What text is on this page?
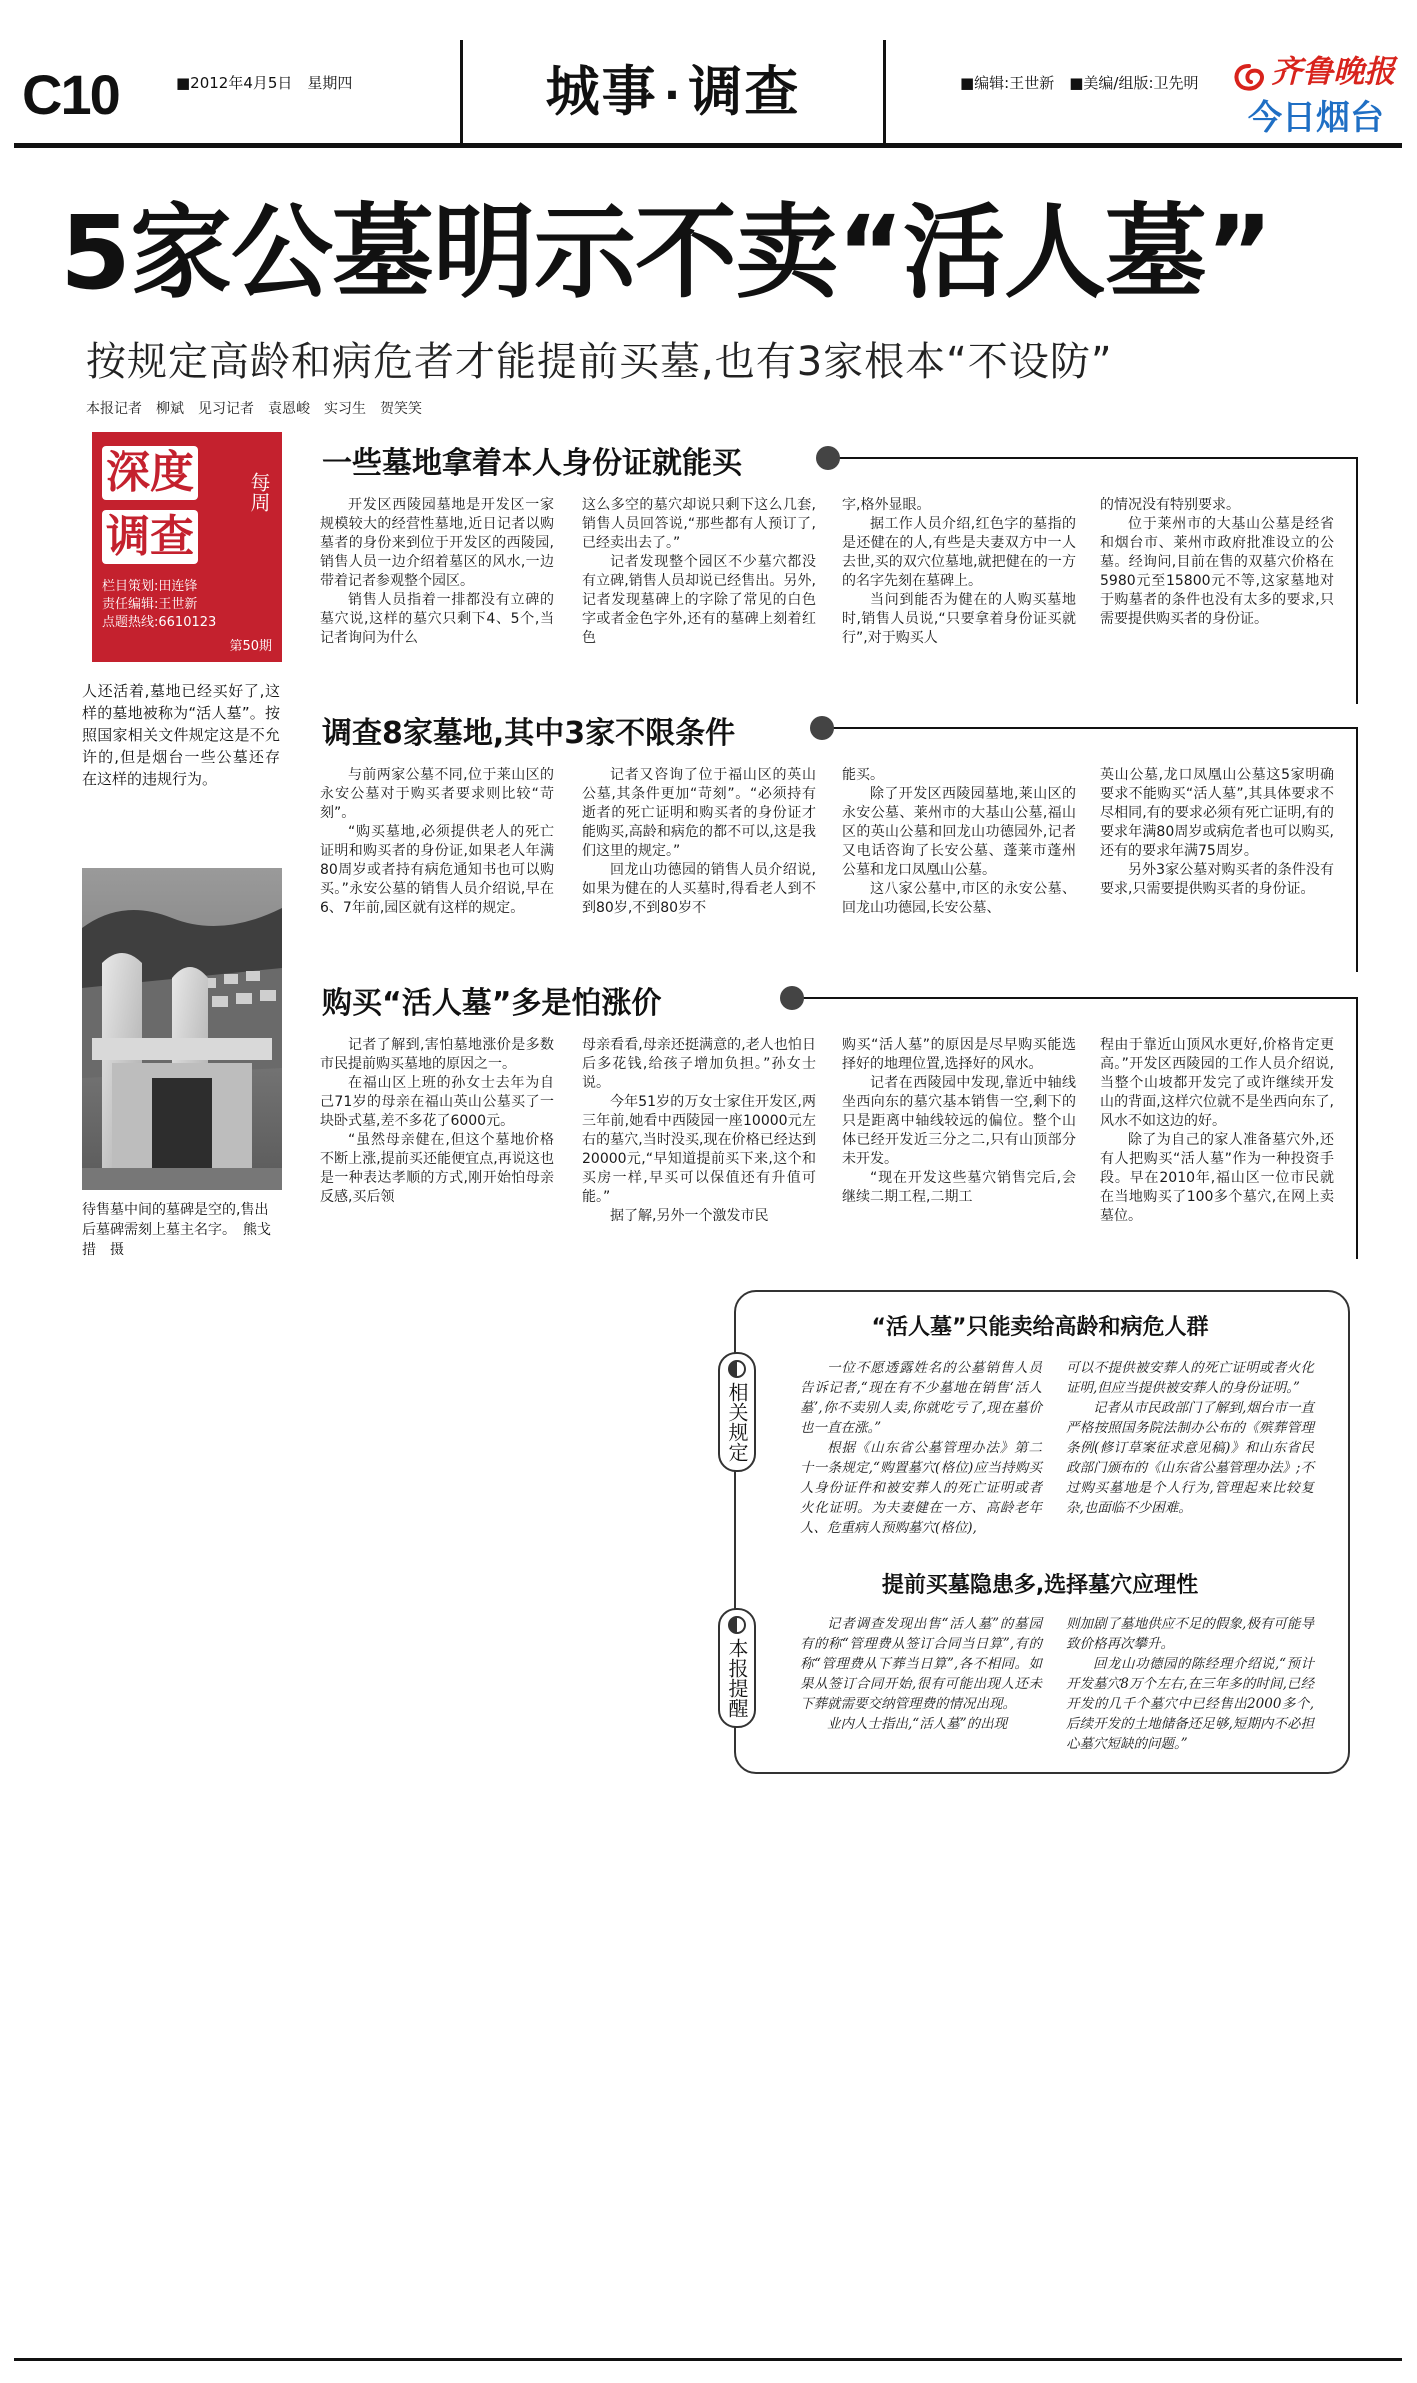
C10	■2012年4月5日　星期四	城事 · 调查	■编辑:王世新　■美编/组版:卫先明	齐鲁晚报
今日烟台
5家公墓明示不卖“活人墓”
按规定高龄和病危者才能提前买墓,也有3家根本“不设防”
本报记者　柳斌　见习记者　袁恩峻　实习生　贺笑笑
深度
调查
每周
栏目策划:田连锋
责任编辑:王世新
点题热线:6610123
第50期
人还活着,墓地已经买好了,这样的墓地被称为“活人墓”。按照国家相关文件规定这是不允许的,但是烟台一些公墓还存在这样的违规行为。
待售墓中间的墓碑是空的,售出后墓碑需刻上墓主名字。　熊戈措　摄
一些墓地拿着本人身份证就能买

开发区西陵园墓地是开发区一家规模较大的经营性墓地,近日记者以购墓者的身份来到位于开发区的西陵园,销售人员一边介绍着墓区的风水,一边带着记者参观整个园区。

销售人员指着一排都没有立碑的墓穴说,这样的墓穴只剩下4、5个,当记者询问为什么

这么多空的墓穴却说只剩下这么几套,销售人员回答说,“那些都有人预订了,已经卖出去了。”

记者发现整个园区不少墓穴都没有立碑,销售人员却说已经售出。另外,记者发现墓碑上的字除了常见的白色字或者金色字外,还有的墓碑上刻着红色

字,格外显眼。

据工作人员介绍,红色字的墓指的是还健在的人,有些是夫妻双方中一人去世,买的双穴位墓地,就把健在的一方的名字先刻在墓碑上。

当问到能否为健在的人购买墓地时,销售人员说,“只要拿着身份证买就行”,对于购买人

的情况没有特别要求。

位于莱州市的大基山公墓是经省和烟台市、莱州市政府批准设立的公墓。经询问,目前在售的双墓穴价格在5980元至15800元不等,这家墓地对于购墓者的条件也没有太多的要求,只需要提供购买者的身份证。

调查8家墓地,其中3家不限条件

与前两家公墓不同,位于莱山区的永安公墓对于购买者要求则比较“苛刻”。

“购买墓地,必须提供老人的死亡证明和购买者的身份证,如果老人年满80周岁或者持有病危通知书也可以购买。”永安公墓的销售人员介绍说,早在6、7年前,园区就有这样的规定。

记者又咨询了位于福山区的英山公墓,其条件更加“苛刻”。“必须持有逝者的死亡证明和购买者的身份证才能购买,高龄和病危的都不可以,这是我们这里的规定。”

回龙山功德园的销售人员介绍说,如果为健在的人买墓时,得看老人到不到80岁,不到80岁不

能买。

除了开发区西陵园墓地,莱山区的永安公墓、莱州市的大基山公墓,福山区的英山公墓和回龙山功德园外,记者又电话咨询了长安公墓、蓬莱市蓬州公墓和龙口凤凰山公墓。

这八家公墓中,市区的永安公墓、回龙山功德园,长安公墓、

英山公墓,龙口凤凰山公墓这5家明确要求不能购买“活人墓”,其具体要求不尽相同,有的要求必须有死亡证明,有的要求年满80周岁或病危者也可以购买,还有的要求年满75周岁。

另外3家公墓对购买者的条件没有要求,只需要提供购买者的身份证。

购买“活人墓”多是怕涨价

记者了解到,害怕墓地涨价是多数市民提前购买墓地的原因之一。

在福山区上班的孙女士去年为自己71岁的母亲在福山英山公墓买了一块卧式墓,差不多花了6000元。

“虽然母亲健在,但这个墓地价格不断上涨,提前买还能便宜点,再说这也是一种表达孝顺的方式,刚开始怕母亲反感,买后领

母亲看看,母亲还挺满意的,老人也怕日后多花钱,给孩子增加负担。”孙女士说。

今年51岁的万女士家住开发区,两三年前,她看中西陵园一座10000元左右的墓穴,当时没买,现在价格已经达到20000元,“早知道提前买下来,这个和买房一样,早买可以保值还有升值可能。”

据了解,另外一个激发市民

购买“活人墓”的原因是尽早购买能选择好的地理位置,选择好的风水。

记者在西陵园中发现,靠近中轴线坐西向东的墓穴基本销售一空,剩下的只是距离中轴线较远的偏位。整个山体已经开发近三分之二,只有山顶部分未开发。

“现在开发这些墓穴销售完后,会继续二期工程,二期工

程由于靠近山顶风水更好,价格肯定更高。”开发区西陵园的工作人员介绍说,当整个山坡都开发完了或许继续开发山的背面,这样穴位就不是坐西向东了,风水不如这边的好。

除了为自己的家人准备墓穴外,还有人把购买“活人墓”作为一种投资手段。早在2010年,福山区一位市民就在当地购买了100多个墓穴,在网上卖墓位。

“活人墓”只能卖给高龄和病危人群
相关规定

一位不愿透露姓名的公墓销售人员告诉记者,“现在有不少墓地在销售‘活人墓’,你不卖别人卖,你就吃亏了,现在墓价也一直在涨。”

根据《山东省公墓管理办法》第二十一条规定,“购置墓穴(格位)应当持购买人身份证件和被安葬人的死亡证明或者火化证明。为夫妻健在一方、高龄老年人、危重病人预购墓穴(格位),

可以不提供被安葬人的死亡证明或者火化证明,但应当提供被安葬人的身份证明。”

记者从市民政部门了解到,烟台市一直严格按照国务院法制办公布的《殡葬管理条例(修订草案征求意见稿)》和山东省民政部门颁布的《山东省公墓管理办法》;不过购买墓地是个人行为,管理起来比较复杂,也面临不少困难。

提前买墓隐患多,选择墓穴应理性
本报提醒

记者调查发现出售“活人墓”的墓园有的称“管理费从签订合同当日算”,有的称“管理费从下葬当日算”,各不相同。如果从签订合同开始,很有可能出现人还未下葬就需要交纳管理费的情况出现。

业内人士指出,“活人墓”的出现

则加剧了墓地供应不足的假象,极有可能导致价格再次攀升。

回龙山功德园的陈经理介绍说,“预计开发墓穴8万个左右,在三年多的时间,已经开发的几千个墓穴中已经售出2000多个,后续开发的土地储备还足够,短期内不必担心墓穴短缺的问题。”
